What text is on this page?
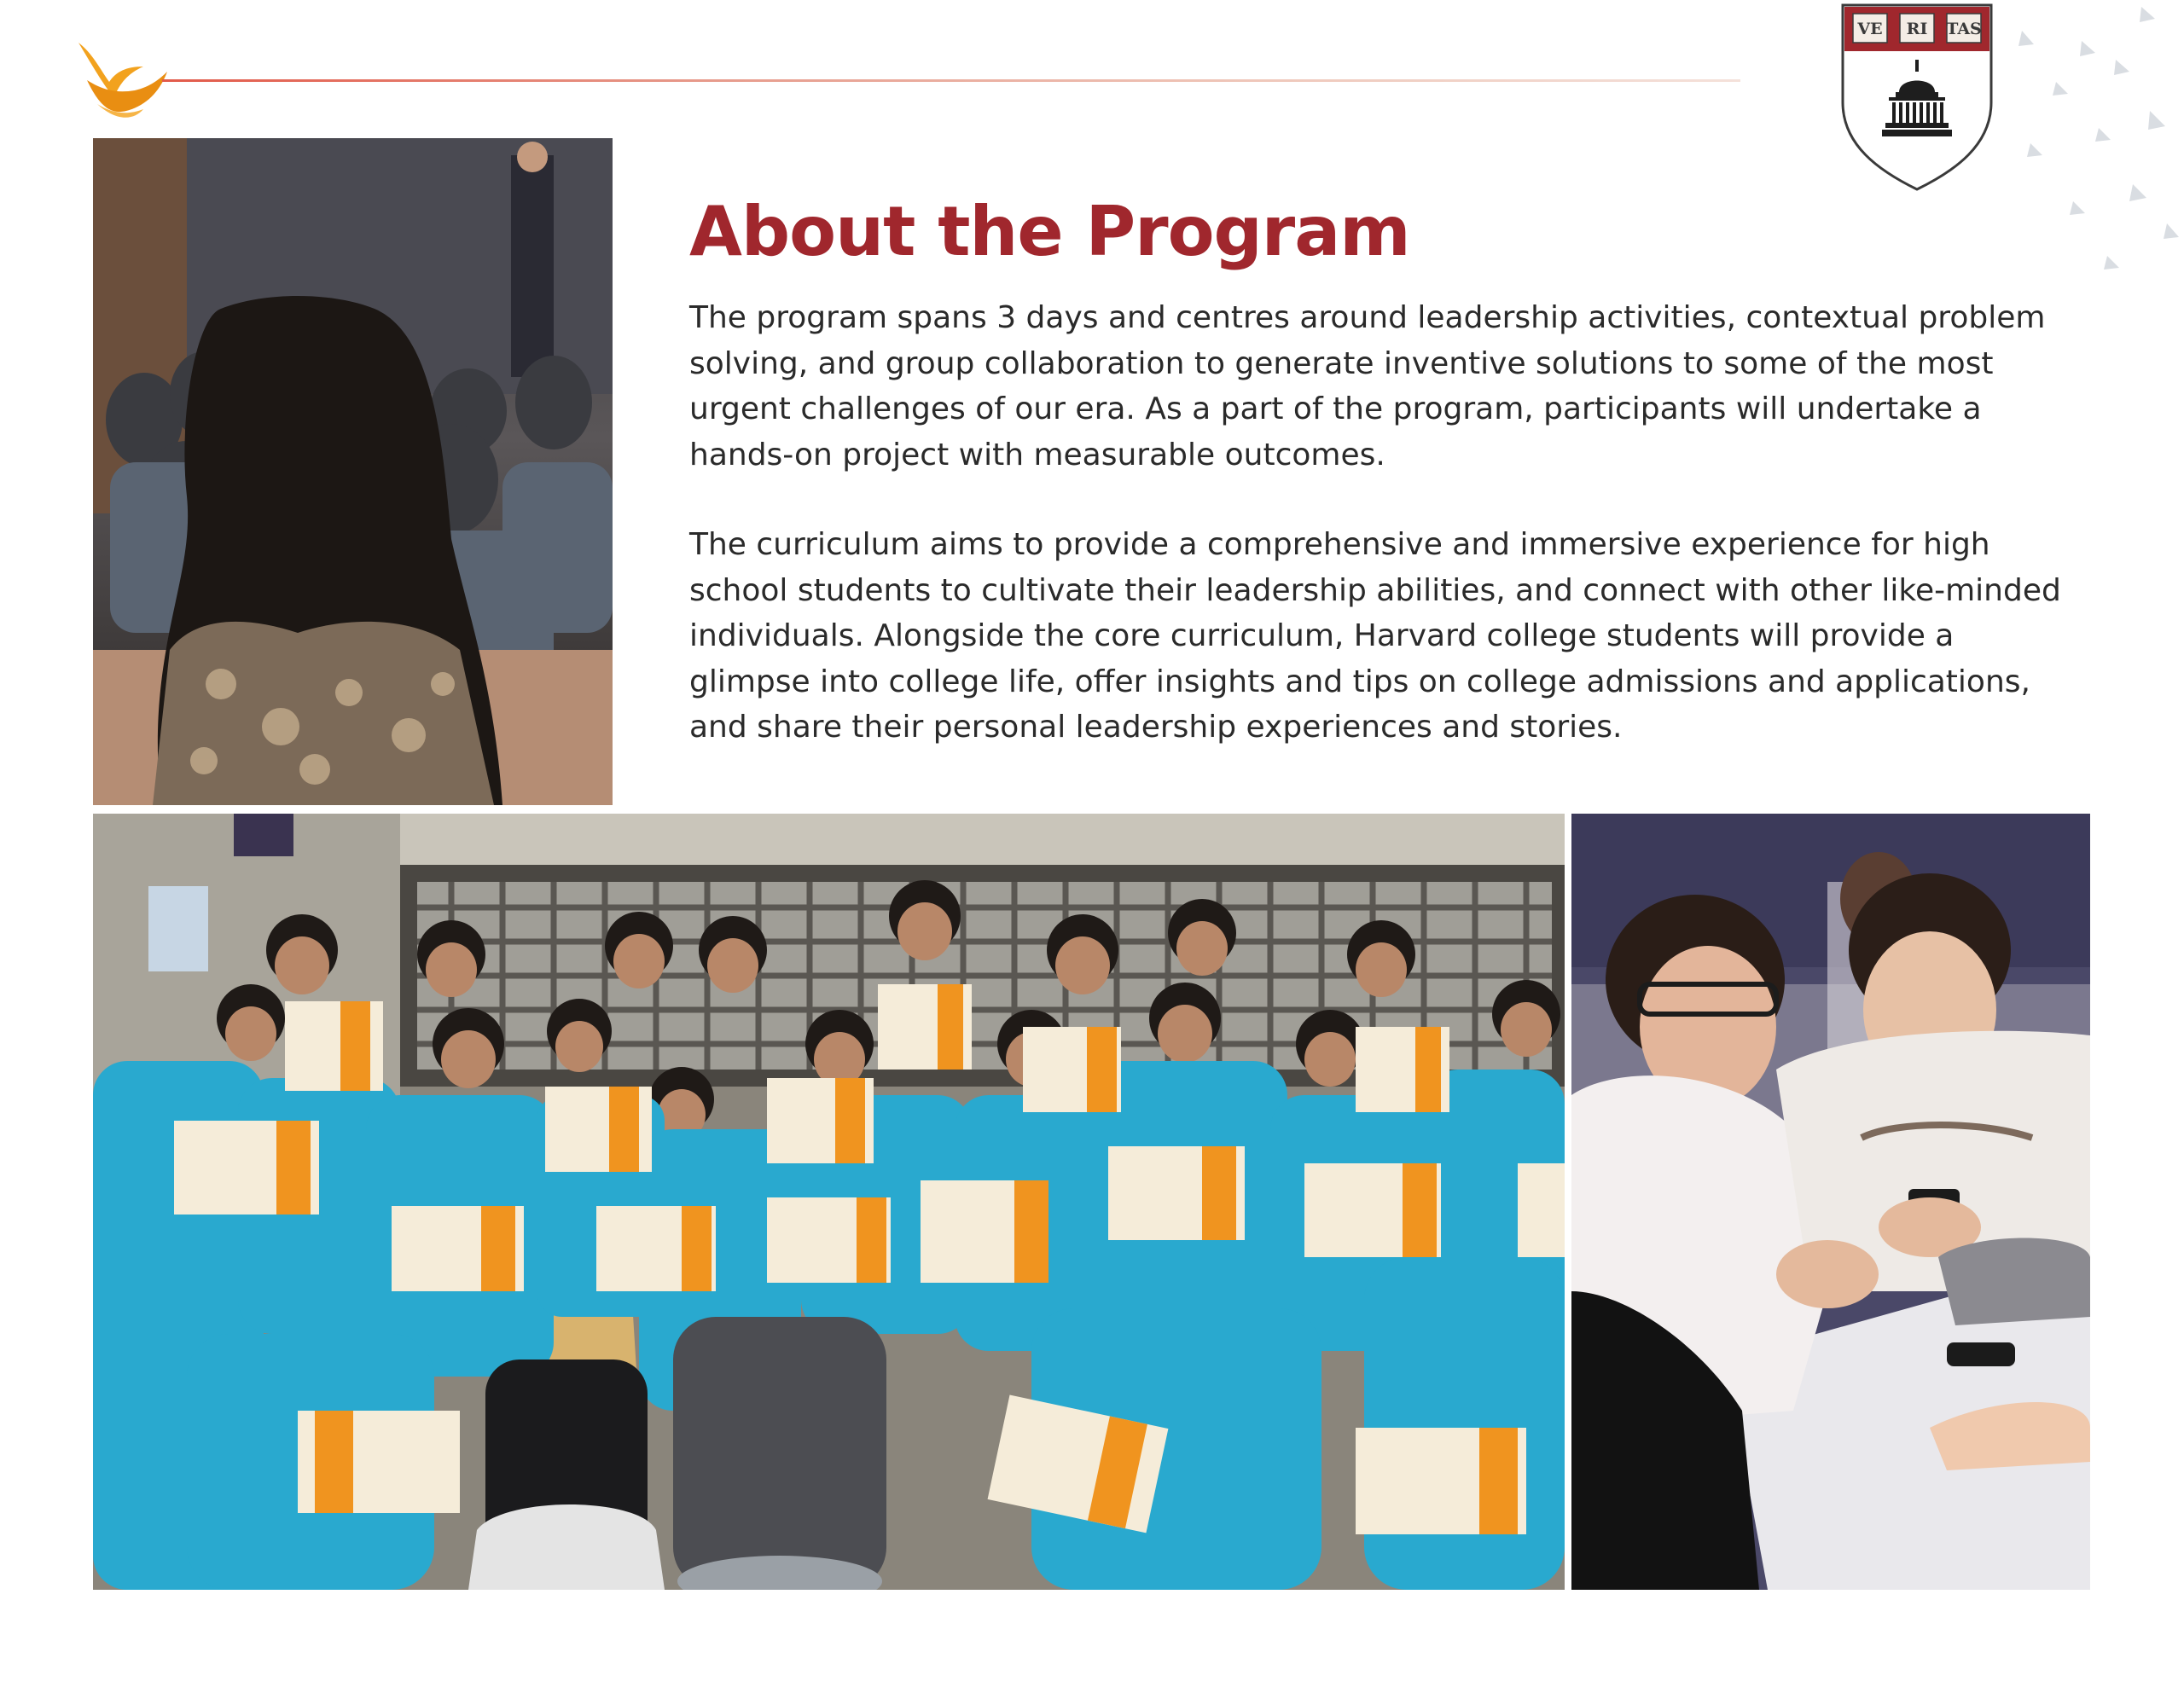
VE RI TAS
About the Program

The program spans 3 days and centres around leadership activities, contextual problem solving, and group collaboration to generate inventive solutions to some of the most urgent challenges of our era. As a part of the program, participants will undertake a hands-on project with measurable outcomes.

The curriculum aims to provide a comprehensive and immersive experience for high school students to cultivate their leadership abilities, and connect with other like-minded individuals. Alongside the core curriculum, Harvard college students will provide a glimpse into college life, offer insights and tips on college admissions and applications, and share their personal leadership experiences and stories.
